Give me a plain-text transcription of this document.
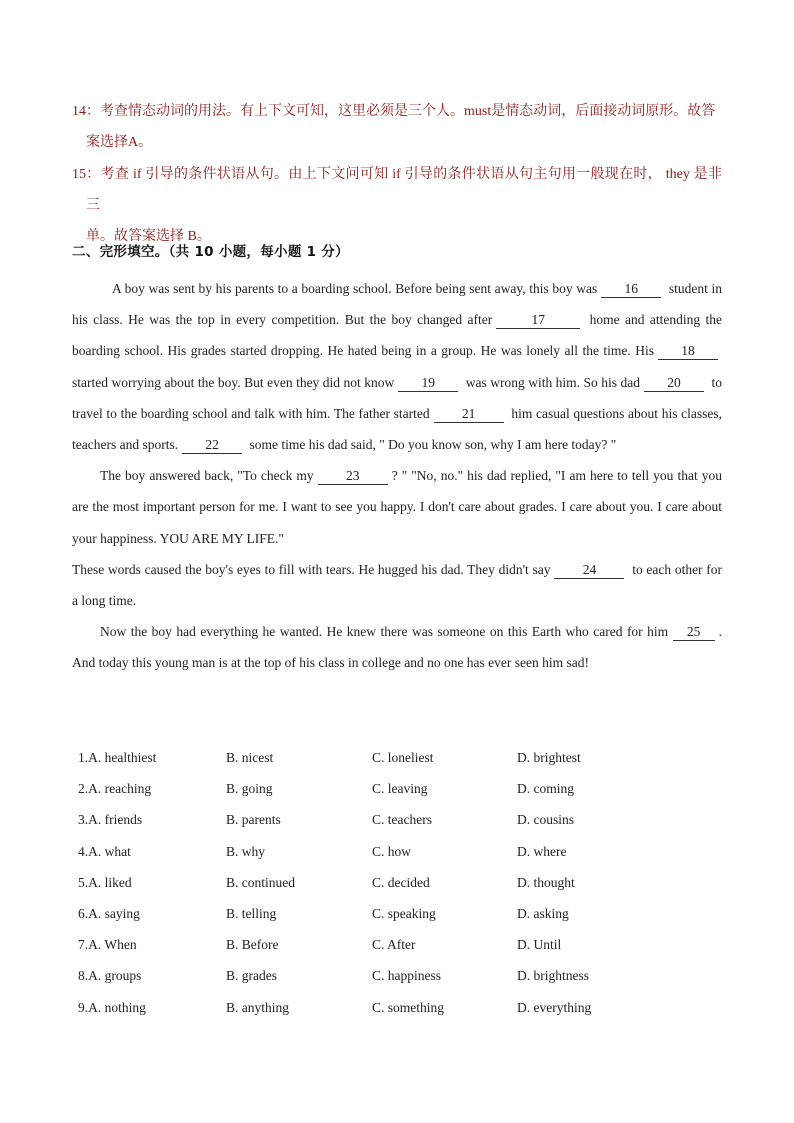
14：考查情态动词的用法。有上下文可知，这里必须是三个人。must是情态动词，后面接动词原形。故答
案选择A。
15：考查 if 引导的条件状语从句。由上下文问可知 if 引导的条件状语从句主句用一般现在时， they 是非三
单。故答案选择 B。
二、完形填空。（共 10 小题，每小题 1 分）

A boy was sent by his parents to a boarding school. Before being sent away, this boy was 16 student in his class. He was the top in every competition. But the boy changed after	17	home and attending the boarding school. His grades started dropping. He hated being in a group. He was lonely all the time. His 18 started worrying about the boy. But even they did not know 19 was wrong with him. So his dad 20 to travel to the boarding school and talk with him. The father started 21	him casual questions about his classes, teachers and sports. 22 some time his dad said, " Do you know son, why I am here today? "

The boy answered back, "To check my 23 ? " "No, no." his dad replied, "I am here to tell you that you are the most important person for me. I want to see you happy. I don't care about grades. I care about you. I care about your happiness. YOU ARE MY LIFE."

These words caused the boy's eyes to fill with tears. He hugged his dad. They didn't say 24	to each other for a long time.

Now the boy had everything he wanted. He knew there was someone on this Earth who cared for him 25 . And today this young man is at the top of his class in college and no one has ever seen him sad!

1.A. healthiest	B. nicest	C. loneliest	D. brightest
2.A. reaching	B. going	C. leaving	D. coming
3.A. friends	B. parents	C. teachers	D. cousins
4.A. what	B. why	C. how	D. where
5.A. liked	B. continued	C. decided	D. thought
6.A. saying	B. telling	C. speaking	D. asking
7.A. When	B. Before	C. After	D. Until
8.A. groups	B. grades	C. happiness	D. brightness
9.A. nothing	B. anything	C. something	D. everything
